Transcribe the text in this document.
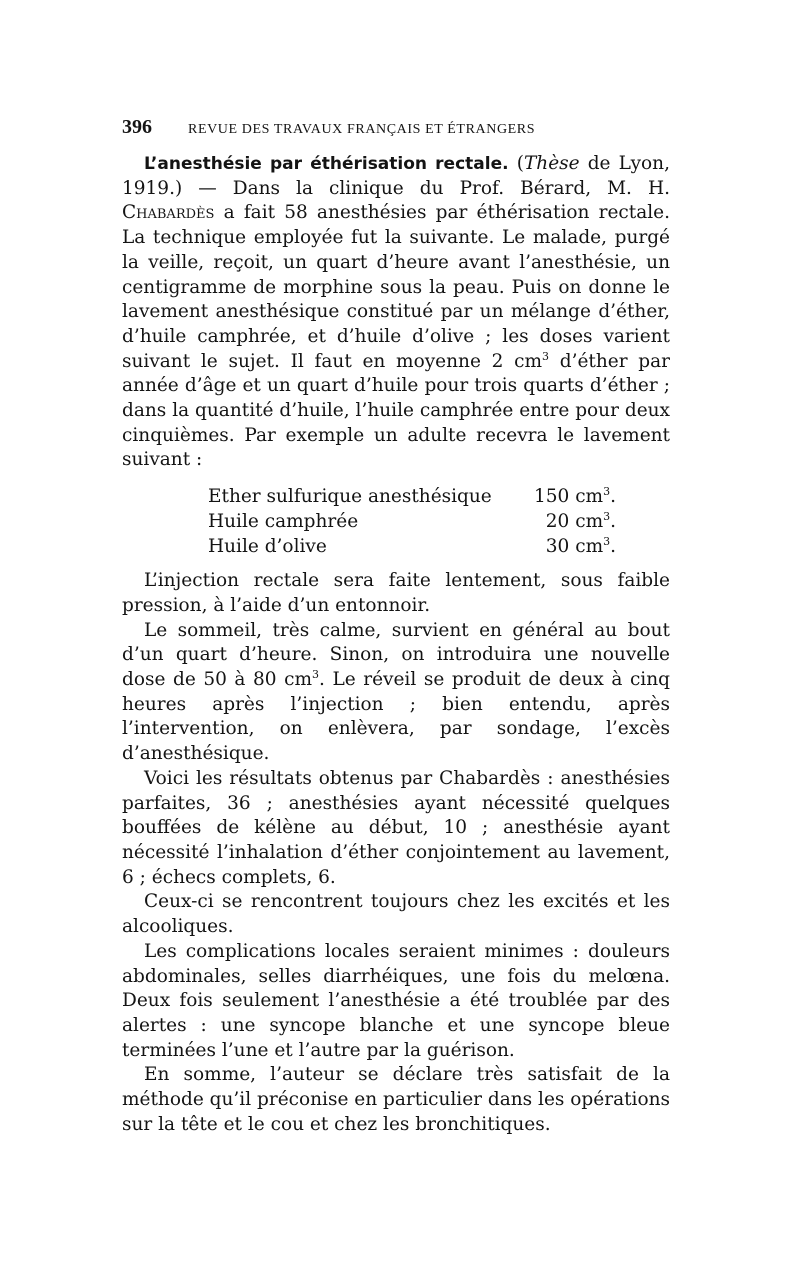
396	REVUE DES TRAVAUX FRANÇAIS ET ÉTRANGERS

L’anesthésie par éthérisation rectale. (Thèse de Lyon, 1919.) — Dans la clinique du Prof. Bérard, M. H. Chabardès a fait 58 anesthésies par éthérisation rectale. La technique employée fut la suivante. Le malade, purgé la veille, reçoit, un quart d’heure avant l’anesthésie, un centigramme de morphine sous la peau. Puis on donne le lavement anesthésique constitué par un mélange d’éther, d’huile camphrée, et d’huile d’olive ; les doses varient suivant le sujet. Il faut en moyenne 2 $cm^3$ d’éther par année d’âge et un quart d’huile pour trois quarts d’éther ; dans la quantité d’huile, l’huile camphrée entre pour deux cinquièmes. Par exemple un adulte recevra le lavement suivant :

Ether sulfurique anesthésique	150 $cm^3$.
Huile camphrée	20 $cm^3$.
Huile d’olive	30 $cm^3$.

L’injection rectale sera faite lentement, sous faible pression, à l’aide d’un entonnoir.

Le sommeil, très calme, survient en général au bout d’un quart d’heure. Sinon, on introduira une nouvelle dose de 50 à 80 $cm^3$. Le réveil se produit de deux à cinq heures après l’injection ; bien entendu, après l’intervention, on enlèvera, par sondage, l’excès d’anesthésique.

Voici les résultats obtenus par Chabardès : anesthésies parfaites, 36 ; anesthésies ayant nécessité quelques bouffées de kélène au début, 10 ; anesthésie ayant nécessité l’inhalation d’éther conjointement au lavement, 6 ; échecs complets, 6.

Ceux-ci se rencontrent toujours chez les excités et les alcooliques.

Les complications locales seraient minimes : douleurs abdominales, selles diarrhéiques, une fois du melœna. Deux fois seulement l’anesthésie a été troublée par des alertes : une syncope blanche et une syncope bleue terminées l’une et l’autre par la guérison.

En somme, l’auteur se déclare très satisfait de la méthode qu’il préconise en particulier dans les opérations sur la tête et le cou et chez les bronchitiques.
